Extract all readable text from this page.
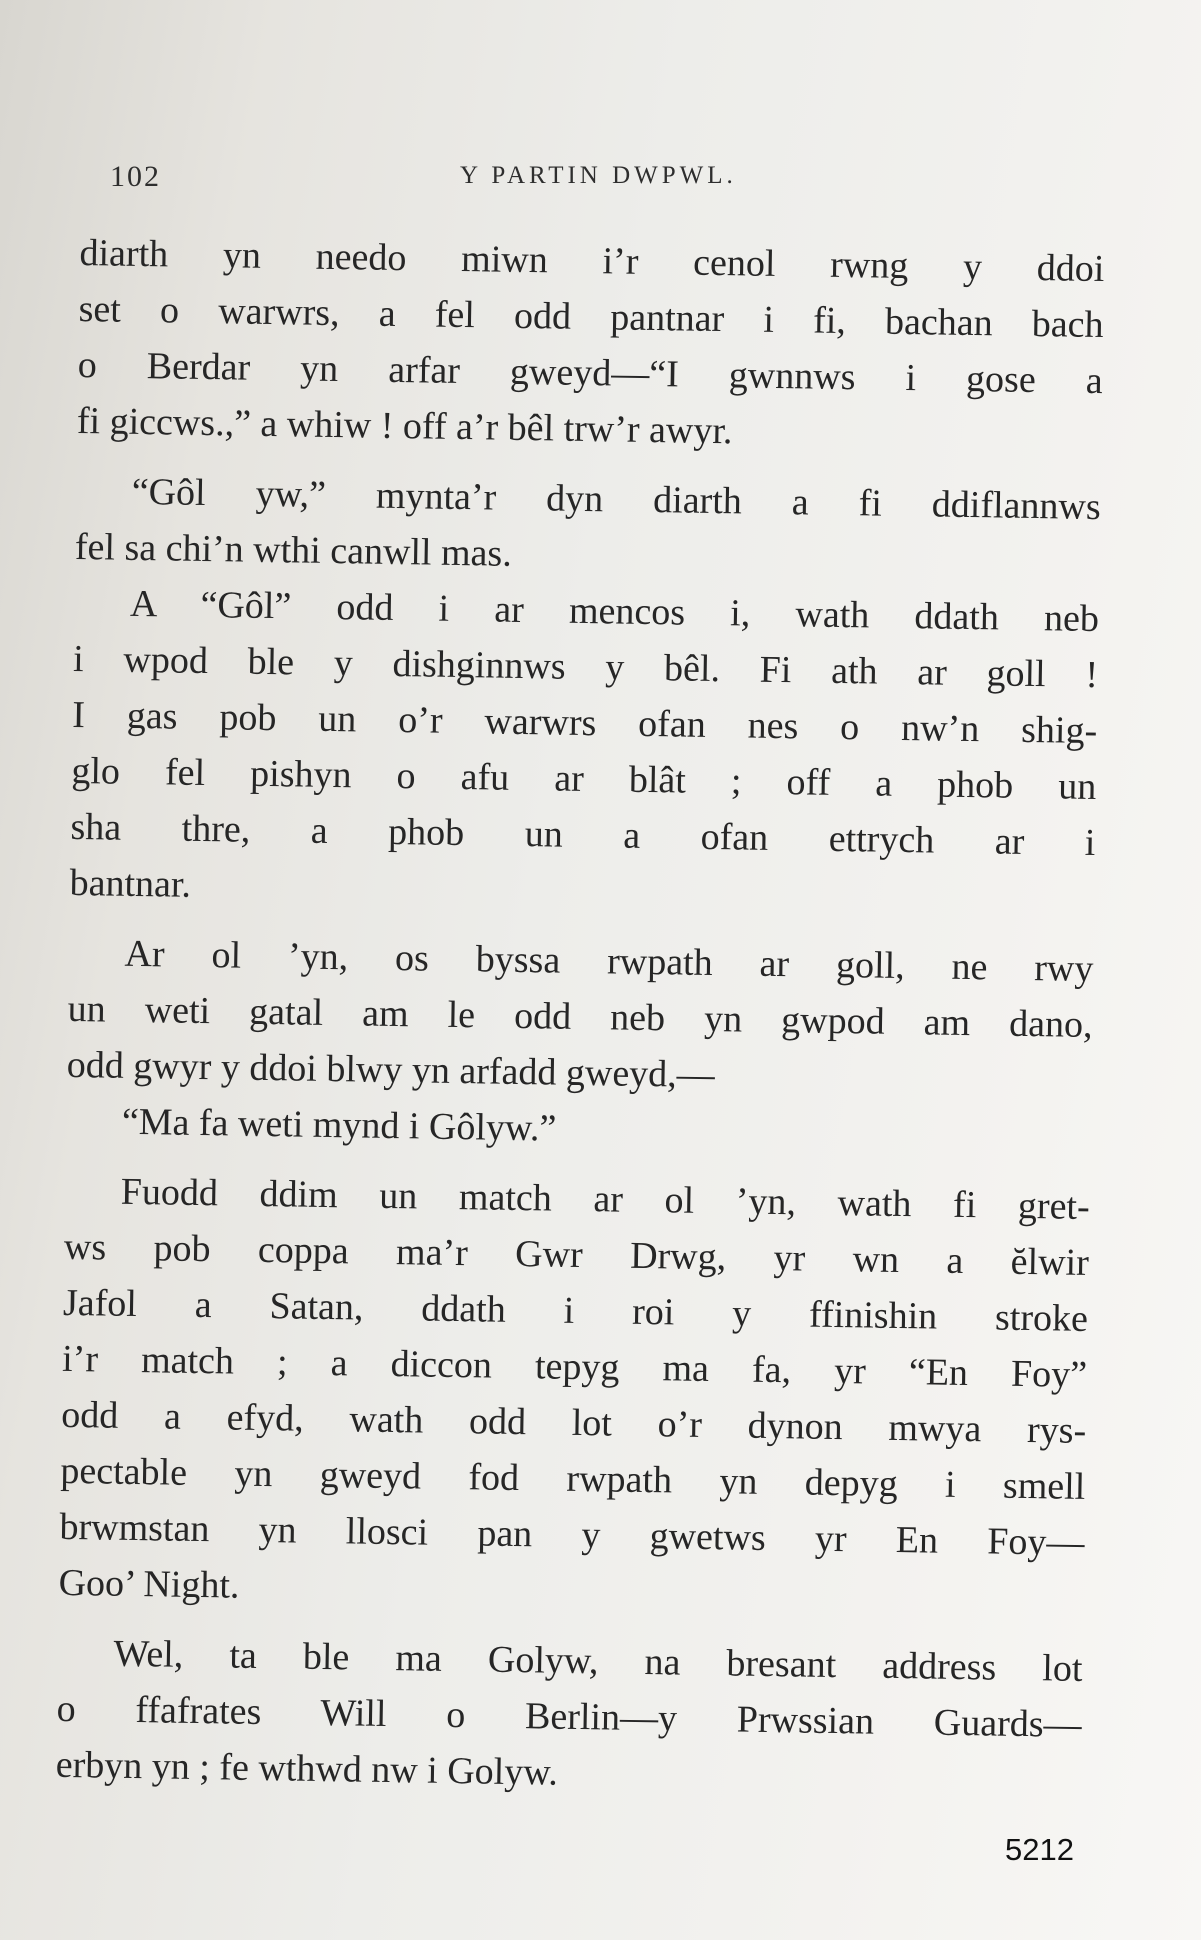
102	Y PARTIN DWPWL.

diarth yn needo miwn i’r cenol rwng y ddoi
set o warwrs, a fel odd pantnar i fi, bachan bach
o Berdar yn arfar gweyd—“I gwnnws i gose a
fi giccws.,” a whiw ! off a’r bêl trw’r awyr.

“Gôl yw,” mynta’r dyn diarth a fi ddiflannws
fel sa chi’n wthi canwll mas.

A “Gôl” odd i ar mencos i, wath ddath neb
i wpod ble y dishginnws y bêl. Fi ath ar goll !
I gas pob un o’r warwrs ofan nes o nw’n shig-
glo fel pishyn o afu ar blât ; off a phob un
sha thre, a phob un a ofan ettrych ar i
bantnar.

Ar ol ’yn, os byssa rwpath ar goll, ne rwy
un weti gatal am le odd neb yn gwpod am dano,
odd gwyr y ddoi blwy yn arfadd gweyd,—

“Ma fa weti mynd i Gôlyw.”

Fuodd ddim un match ar ol ’yn, wath fi gret-
ws pob coppa ma’r Gwr Drwg, yr wn a ĕlwir
Jafol a Satan, ddath i roi y ffinishin stroke
i’r match ; a diccon tepyg ma fa, yr “En Foy”
odd a efyd, wath odd lot o’r dynon mwya rys-
pectable yn gweyd fod rwpath yn depyg i smell
brwmstan yn llosci pan y gwetws yr En Foy—
Goo’ Night.

Wel, ta ble ma Golyw, na bresant address lot
o ffafrates Will o Berlin—y Prwssian Guards—
erbyn yn ; fe wthwd nw i Golyw.

5212
